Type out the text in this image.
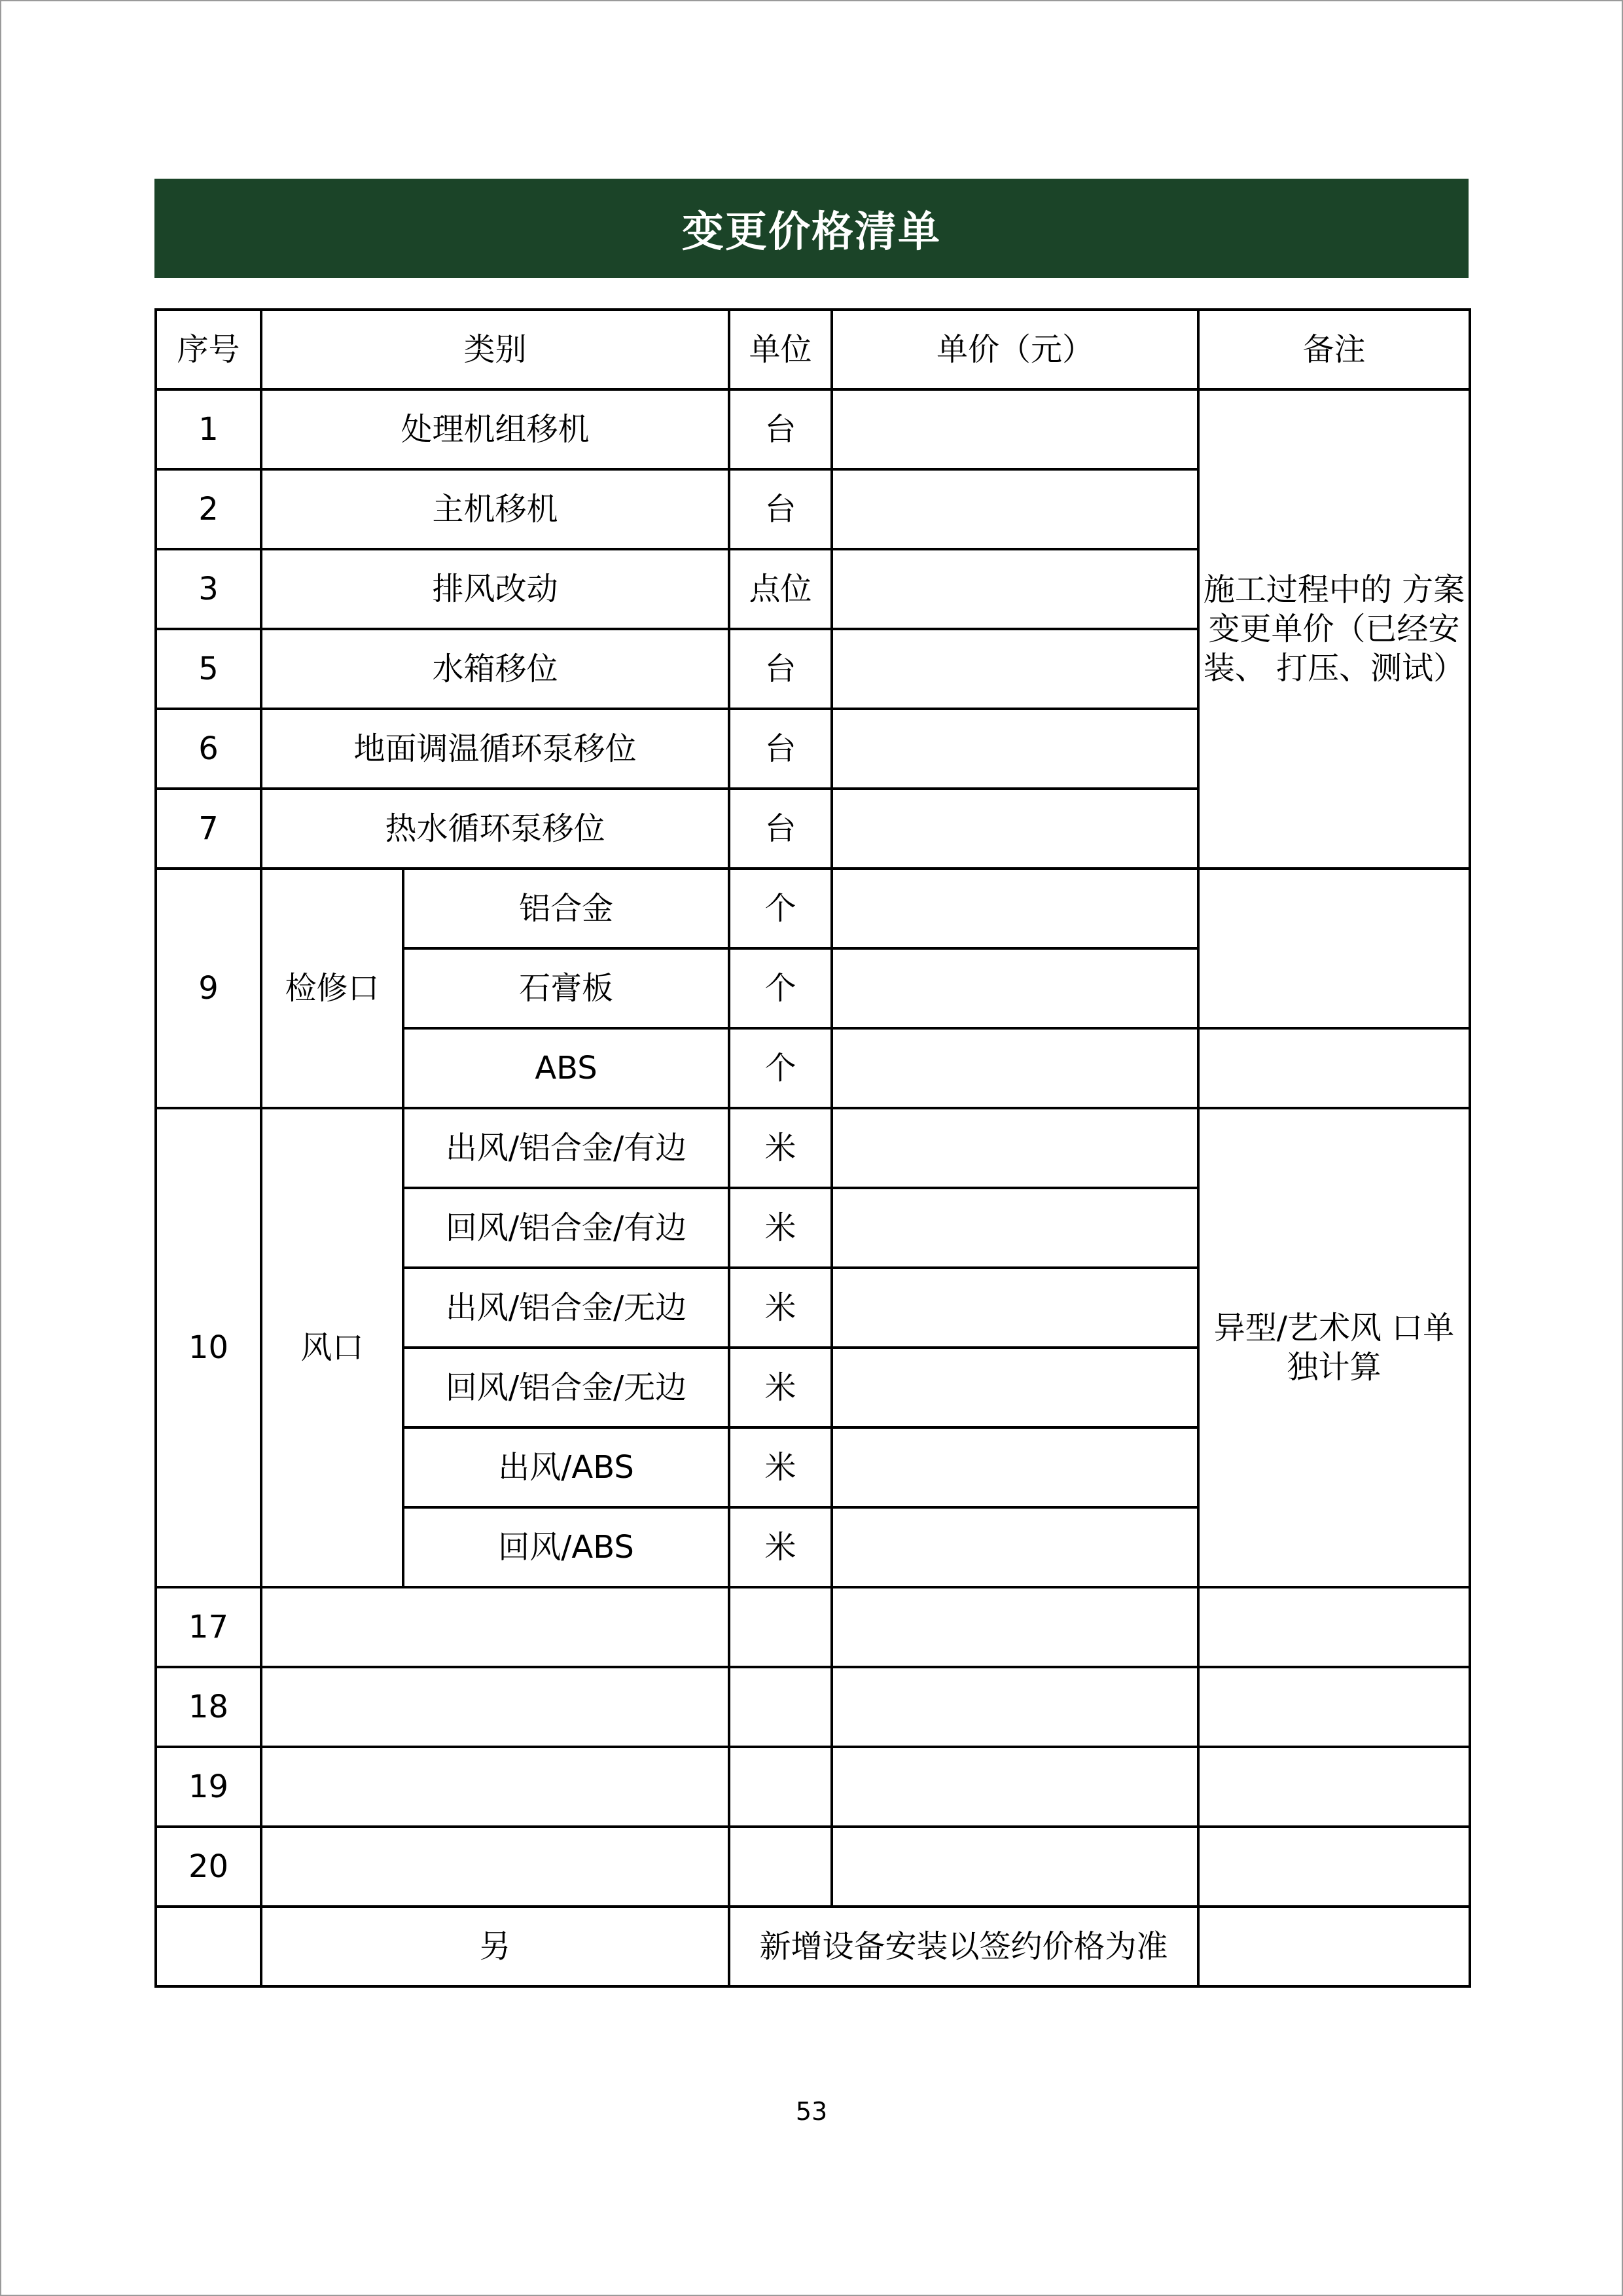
变更价格清单
序号	类别		单位	单价（元）	备注
1	处理机组移机		台		施工过程中的 方案变更单价（已经安装、 打压、测试）
2	主机移机		台		
3	排风改动		点位		
5	水箱移位		台		
6	地面调温循环泵移位		台		
7	热水循环泵移位		台		
9	检修口	铝合金	个		
		石膏板	个		
		ABS	个		
10	风口	出风/铝合金/有边	米		异型/艺术风 口单独计算
		回风/铝合金/有边	米		
		出风/铝合金/无边	米		
		回风/铝合金/无边	米		
		出风/ABS	米		
		回风/ABS	米		
17					
18					
19					
20					
	另		新增设备安装以签约价格为准		
53
